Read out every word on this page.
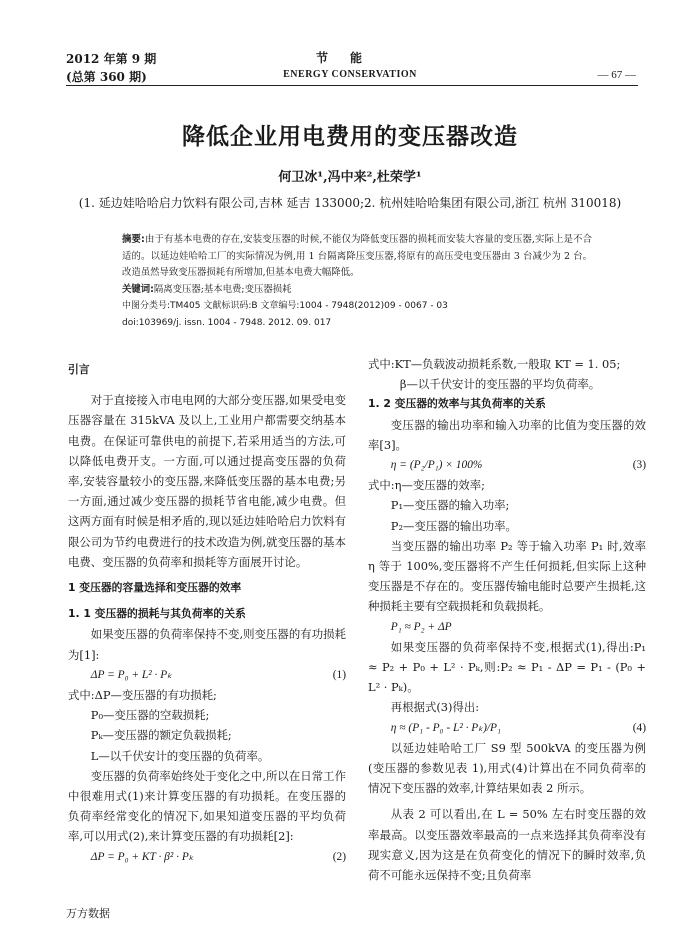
2012 年第 9 期
(总第 360 期)
节能
ENERGY CONSERVATION	— 67 —
降低企业用电费用的变压器改造
何卫冰¹,冯中来²,杜荣学¹
(1. 延边娃哈哈启力饮料有限公司,吉林 延吉 133000;2. 杭州娃哈哈集团有限公司,浙江 杭州 310018)

摘要:由于有基本电费的存在,安装变压器的时候,不能仅为降低变压器的损耗而安装大容量的变压器,实际上是不合适的。以延边娃哈哈工厂的实际情况为例,用 1 台隔离降压变压器,将原有的高压受电变压器由 3 台减少为 2 台。改造虽然导致变压器损耗有所增加,但基本电费大幅降低。

关键词:隔离变压器;基本电费;变压器损耗

中图分类号:TM405 文献标识码:B 文章编号:1004 - 7948(2012)09 - 0067 - 03

doi:103969/j. issn. 1004 - 7948. 2012. 09. 017

引言

对于直接接入市电电网的大部分变压器,如果受电变压器容量在 315kVA 及以上,工业用户都需要交纳基本电费。在保证可靠供电的前提下,若采用适当的方法,可以降低电费开支。一方面,可以通过提高变压器的负荷率,安装容量较小的变压器,来降低变压器的基本电费;另一方面,通过减少变压器的损耗节省电能,减少电费。但这两方面有时候是相矛盾的,现以延边娃哈哈启力饮料有限公司为节约电费进行的技术改造为例,就变压器的基本电费、变压器的负荷率和损耗等方面展开讨论。

1 变压器的容量选择和变压器的效率

1. 1 变压器的损耗与其负荷率的关系

如果变压器的负荷率保持不变,则变压器的有功损耗为[1]:

ΔP = P₀ + L² · Pₖ	(1)

式中:ΔP—变压器的有功损耗;

P₀—变压器的空载损耗;

Pₖ—变压器的额定负载损耗;

L—以千伏安计的变压器的负荷率。

变压器的负荷率始终处于变化之中,所以在日常工作中很难用式(1)来计算变压器的有功损耗。在变压器的负荷率经常变化的情况下,如果知道变压器的平均负荷率,可以用式(2),来计算变压器的有功损耗[2]:

ΔP = P₀ + KT · β² · Pₖ	(2)

式中:KT—负载波动损耗系数,一般取 KT = 1. 05;

β—以千伏安计的变压器的平均负荷率。

1. 2 变压器的效率与其负荷率的关系

变压器的输出功率和输入功率的比值为变压器的效率[3]。

η = (P₂/P₁) × 100%	(3)

式中:η—变压器的效率;

P₁—变压器的输入功率;

P₂—变压器的输出功率。

当变压器的输出功率 P₂ 等于输入功率 P₁ 时,效率 η 等于 100%,变压器将不产生任何损耗,但实际上这种变压器是不存在的。变压器传输电能时总要产生损耗,这种损耗主要有空载损耗和负载损耗。

P₁ ≈ P₂ + ΔP

如果变压器的负荷率保持不变,根据式(1),得出:P₁ ≈ P₂ + P₀ + L² · Pₖ,则:P₂ ≈ P₁ - ΔP = P₁ - (P₀ + L² · Pₖ)。

再根据式(3)得出:

η ≈ (P₁ - P₀ - L² · Pₖ)/P₁	(4)

以延边娃哈哈工厂 S9 型 500kVA 的变压器为例(变压器的参数见表 1),用式(4)计算出在不同负荷率的情况下变压器的效率,计算结果如表 2 所示。

从表 2 可以看出,在 L = 50% 左右时变压器的效率最高。以变压器效率最高的一点来选择其负荷率没有现实意义,因为这是在负荷变化的情况下的瞬时效率,负荷不可能永远保持不变;且负荷率

万方数据
